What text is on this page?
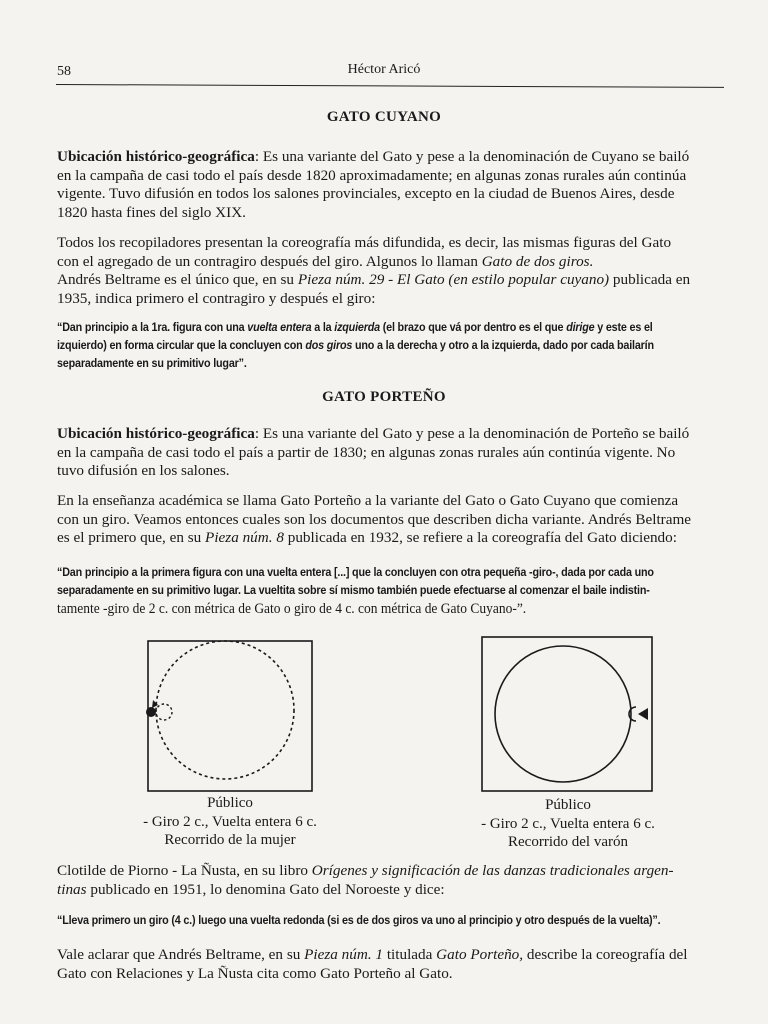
58	Héctor Aricó
GATO CUYANO
Ubicación histórico-geográfica: Es una variante del Gato y pese a la denominación de Cuyano se bailó
en la campaña de casi todo el país desde 1820 aproximadamente; en algunas zonas rurales aún continúa
vigente. Tuvo difusión en todos los salones provinciales, excepto en la ciudad de Buenos Aires, desde
1820 hasta fines del siglo XIX.
Todos los recopiladores presentan la coreografía más difundida, es decir, las mismas figuras del Gato
con el agregado de un contragiro después del giro. Algunos lo llaman Gato de dos giros.
Andrés Beltrame es el único que, en su Pieza núm. 29 - El Gato (en estilo popular cuyano) publicada en
1935, indica primero el contragiro y después el giro:
“Dan principio a la 1ra. figura con una vuelta entera a la izquierda (el brazo que vá por dentro es el que dirige y este es el
izquierdo) en forma circular que la concluyen con dos giros uno a la derecha y otro a la izquierda, dado por cada bailarín
separadamente en su primitivo lugar”.
GATO PORTEÑO
Ubicación histórico-geográfica: Es una variante del Gato y pese a la denominación de Porteño se bailó
en la campaña de casi todo el país a partir de 1830; en algunas zonas rurales aún continúa vigente. No
tuvo difusión en los salones.
En la enseñanza académica se llama Gato Porteño a la variante del Gato o Gato Cuyano que comienza
con un giro. Veamos entonces cuales son los documentos que describen dicha variante. Andrés Beltrame
es el primero que, en su Pieza núm. 8 publicada en 1932, se refiere a la coreografía del Gato diciendo:
“Dan principio a la primera figura con una vuelta entera [...] que la concluyen con otra pequeña -giro-, dada por cada uno
separadamente en su primitivo lugar. La vueltita sobre sí mismo también puede efectuarse al comenzar el baile indistin-
tamente -giro de 2 c. con métrica de Gato o giro de 4 c. con métrica de Gato Cuyano-”.
Público
- Giro 2 c., Vuelta entera 6 c.
Recorrido de la mujer
Público
- Giro 2 c., Vuelta entera 6 c.
Recorrido del varón
Clotilde de Piorno - La Ñusta, en su libro Orígenes y significación de las danzas tradicionales argen-
tinas publicado en 1951, lo denomina Gato del Noroeste y dice:
“Lleva primero un giro (4 c.) luego una vuelta redonda (si es de dos giros va uno al principio y otro después de la vuelta)”.
Vale aclarar que Andrés Beltrame, en su Pieza núm. 1 titulada Gato Porteño, describe la coreografía del
Gato con Relaciones y La Ñusta cita como Gato Porteño al Gato.
